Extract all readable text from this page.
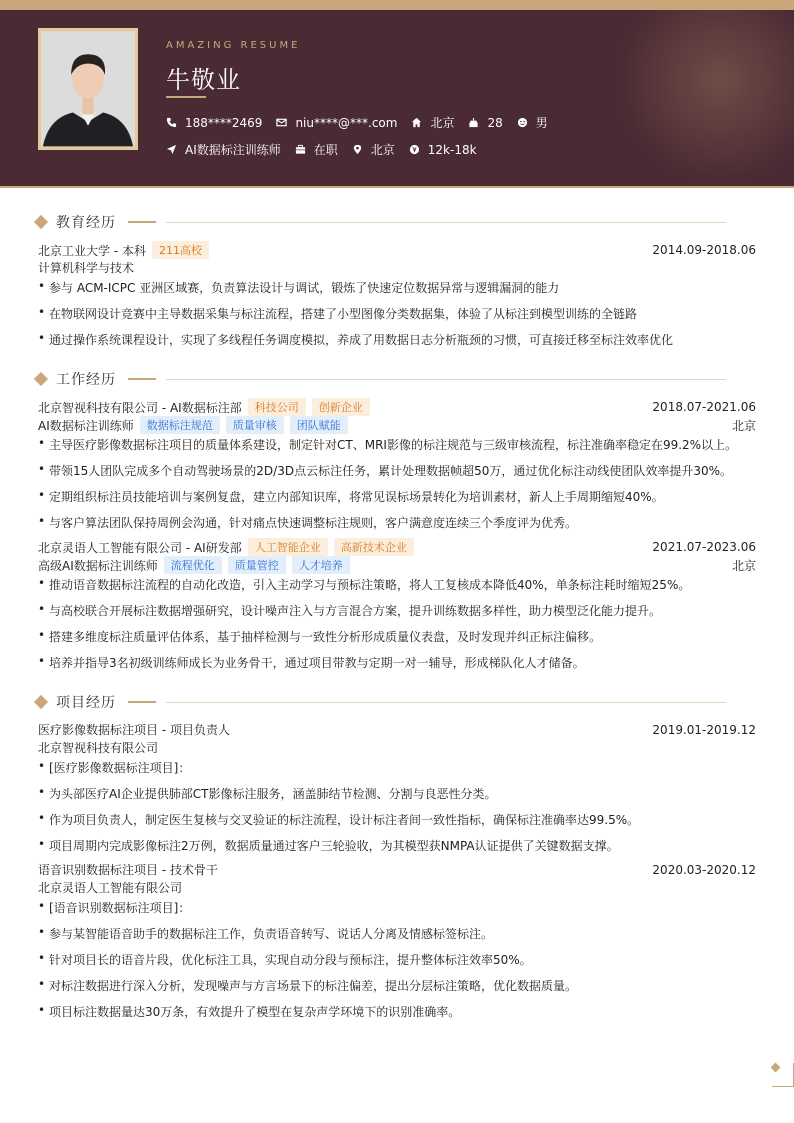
AMAZING RESUME
牛敬业
188****2469	niu****@***.com	北京	28	男
AI数据标注训练师	在职	北京	12k-18k
教育经历
北京工业大学 - 本科	211高校	2014.09-2018.06
计算机科学与技术
• 参与 ACM-ICPC 亚洲区域赛，负责算法设计与调试，锻炼了快速定位数据异常与逻辑漏洞的能力
• 在物联网设计竞赛中主导数据采集与标注流程，搭建了小型图像分类数据集，体验了从标注到模型训练的全链路
• 通过操作系统课程设计，实现了多线程任务调度模拟，养成了用数据日志分析瓶颈的习惯，可直接迁移至标注效率优化
工作经历
北京智视科技有限公司 - AI数据标注部	科技公司	创新企业	2018.07-2021.06
AI数据标注训练师	数据标注规范	质量审核	团队赋能	北京
• 主导医疗影像数据标注项目的质量体系建设，制定针对CT、MRI影像的标注规范与三级审核流程，标注准确率稳定在99.2%以上。
• 带领15人团队完成多个自动驾驶场景的2D/3D点云标注任务，累计处理数据帧超50万，通过优化标注动线使团队效率提升30%。
• 定期组织标注员技能培训与案例复盘，建立内部知识库，将常见误标场景转化为培训素材，新人上手周期缩短40%。
• 与客户算法团队保持周例会沟通，针对痛点快速调整标注规则，客户满意度连续三个季度评为优秀。
北京灵语人工智能有限公司 - AI研发部	人工智能企业	高新技术企业	2021.07-2023.06
高级AI数据标注训练师	流程优化	质量管控	人才培养	北京
• 推动语音数据标注流程的自动化改造，引入主动学习与预标注策略，将人工复核成本降低40%，单条标注耗时缩短25%。
• 与高校联合开展标注数据增强研究，设计噪声注入与方言混合方案，提升训练数据多样性，助力模型泛化能力提升。
• 搭建多维度标注质量评估体系，基于抽样检测与一致性分析形成质量仪表盘，及时发现并纠正标注偏移。
• 培养并指导3名初级训练师成长为业务骨干，通过项目带教与定期一对一辅导，形成梯队化人才储备。
项目经历
医疗影像数据标注项目 - 项目负责人	2019.01-2019.12
北京智视科技有限公司
• [医疗影像数据标注项目]：
• 为头部医疗AI企业提供肺部CT影像标注服务，涵盖肺结节检测、分割与良恶性分类。
• 作为项目负责人，制定医生复核与交叉验证的标注流程，设计标注者间一致性指标，确保标注准确率达99.5%。
• 项目周期内完成影像标注2万例，数据质量通过客户三轮验收，为其模型获NMPA认证提供了关键数据支撑。
语音识别数据标注项目 - 技术骨干	2020.03-2020.12
北京灵语人工智能有限公司
• [语音识别数据标注项目]：
• 参与某智能语音助手的数据标注工作，负责语音转写、说话人分离及情感标签标注。
• 针对项目长的语音片段，优化标注工具，实现自动分段与预标注，提升整体标注效率50%。
• 对标注数据进行深入分析，发现噪声与方言场景下的标注偏差，提出分层标注策略，优化数据质量。
• 项目标注数据量达30万条，有效提升了模型在复杂声学环境下的识别准确率。
